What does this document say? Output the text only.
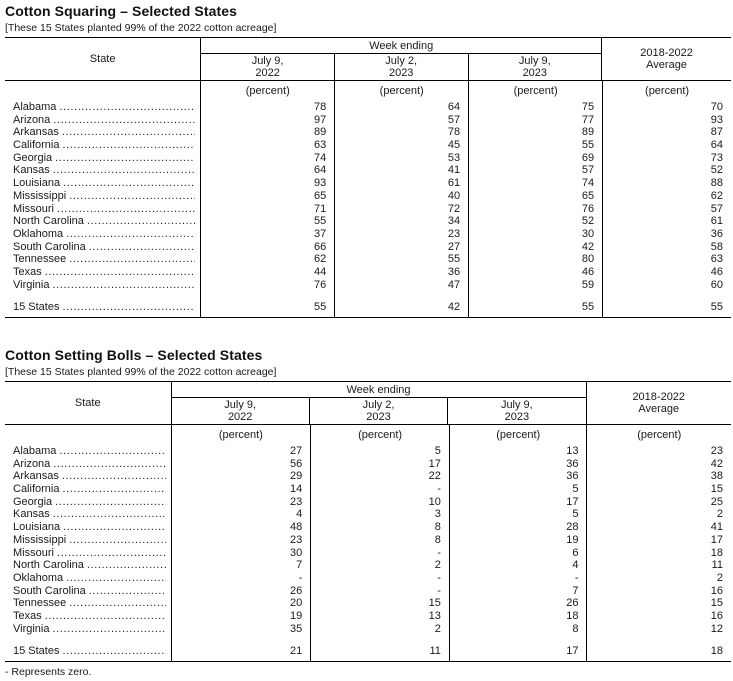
Cotton Squaring – Selected States
[These 15 States planted 99% of the 2022 cotton acreage]
State
Week ending
July 9,
2022
July 2,
2023
July 9,
2023
2018-2022
Average
(percent)	(percent)	(percent)	(percent)
Alabama .....	78	64	75	70
Arizona .....	97	57	77	93
Arkansas .....	89	78	89	87
California .....	63	45	55	64
Georgia .....	74	53	69	73
Kansas .....	64	41	57	52
Louisiana .....	93	61	74	88
Mississippi .....	65	40	65	62
Missouri .....	71	72	76	57
North Carolina .....	55	34	52	61
Oklahoma .....	37	23	30	36
South Carolina .....	66	27	42	58
Tennessee .....	62	55	80	63
Texas .....	44	36	46	46
Virginia .....	76	47	59	60
15 States .....	55	42	55	55
Cotton Setting Bolls – Selected States
[These 15 States planted 99% of the 2022 cotton acreage]
State
Week ending
July 9,
2022
July 2,
2023
July 9,
2023
2018-2022
Average
(percent)	(percent)	(percent)	(percent)
Alabama .....	27	5	13	23
Arizona .....	56	17	36	42
Arkansas .....	29	22	36	38
California .....	14	-	5	15
Georgia .....	23	10	17	25
Kansas .....	4	3	5	2
Louisiana .....	48	8	28	41
Mississippi .....	23	8	19	17
Missouri .....	30	-	6	18
North Carolina .....	7	2	4	11
Oklahoma .....	-	-	-	2
South Carolina .....	26	-	7	16
Tennessee .....	20	15	26	15
Texas .....	19	13	18	16
Virginia .....	35	2	8	12
15 States .....	21	11	17	18
- Represents zero.
